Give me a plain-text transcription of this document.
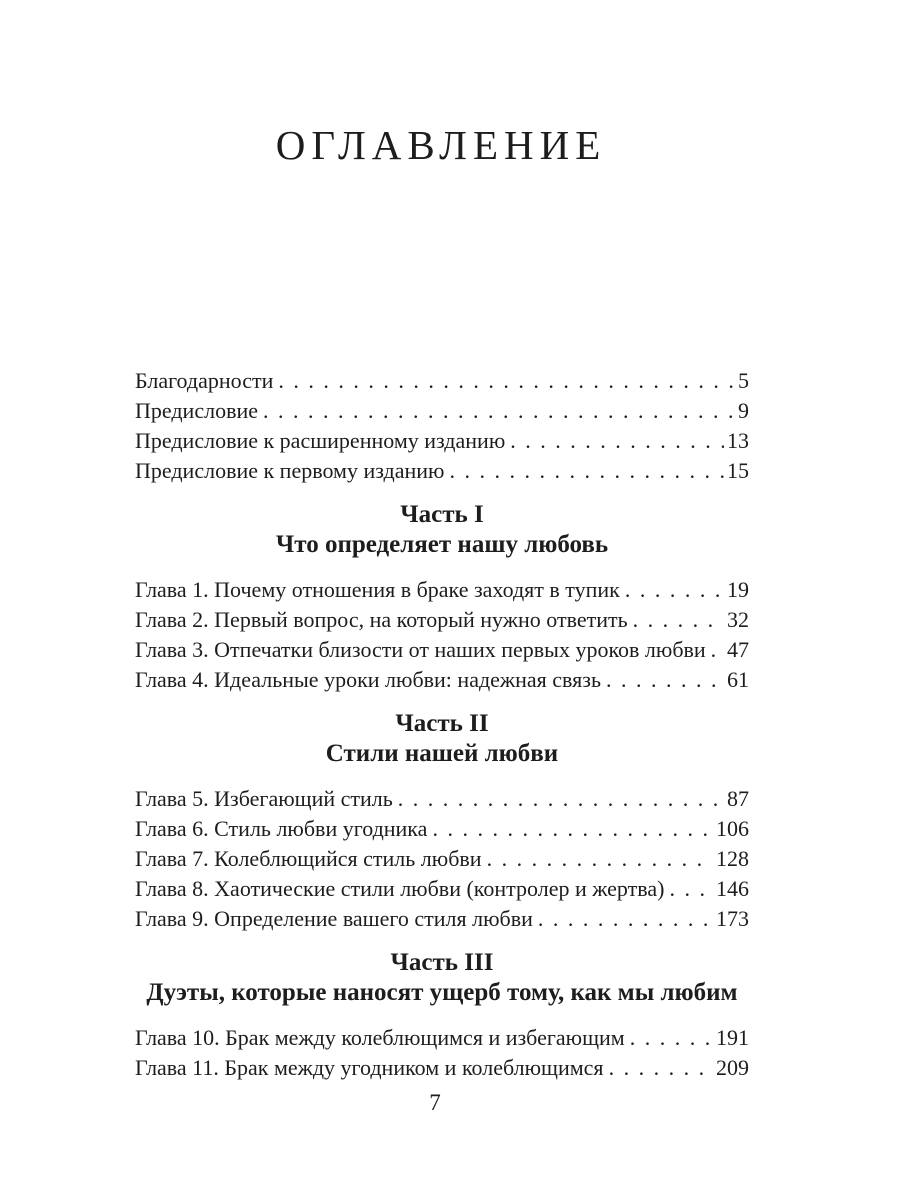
ОГЛАВЛЕНИЕ
Благодарности . . .	5
Предисловие . . .	9
Предисловие к расширенному изданию . . .	13
Предисловие к первому изданию . . .	15
Часть I
Что определяет нашу любовь
Глава 1. Почему отношения в браке заходят в тупик . . .	19
Глава 2. Первый вопрос, на который нужно ответить . . .	32
Глава 3. Отпечатки близости от наших первых уроков любви . . . 47
Глава 4. Идеальные уроки любви: надежная связь . . .	61
Часть II
Стили нашей любви
Глава 5. Избегающий стиль . . .	87
Глава 6. Стиль любви угодника . . .	106
Глава 7. Колеблющийся стиль любви . . .	128
Глава 8. Хаотические стили любви (контролер и жертва) . . . 146
Глава 9. Определение вашего стиля любви . . .	173
Часть III
Дуэты, которые наносят ущерб тому, как мы любим
Глава 10. Брак между колеблющимся и избегающим . . .	191
Глава 11. Брак между угодником и колеблющимся . . .	209
7
